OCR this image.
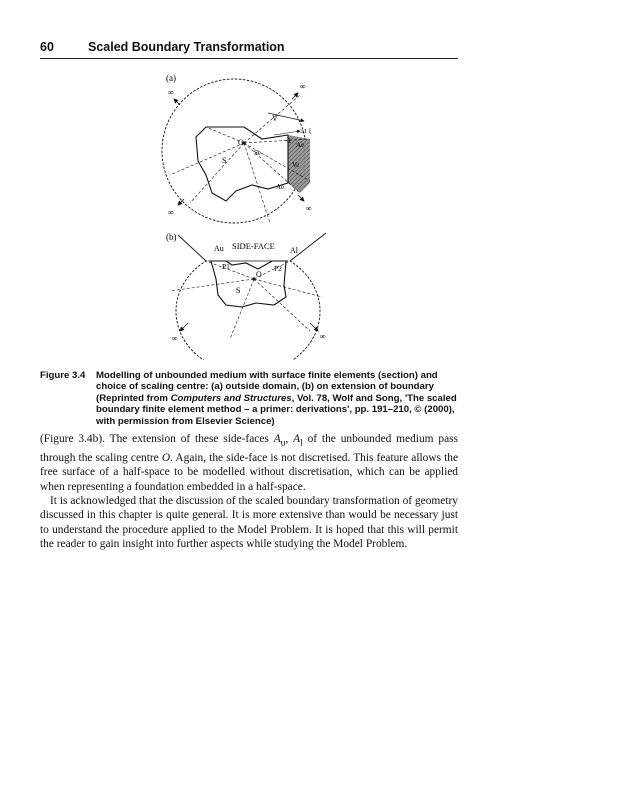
60	Scaled Boundary Transformation
(a)
∞
∞
∞	∞
V
O
S
Se
−1
≥1 ξ
Ae
Ve
Ae
(b)
∞	∞
Au SIDE-FACE Al
P1	P2
O
S
Figure 3.4 Modelling of unbounded medium with surface finite elements (section) and choice of scaling centre: (a) outside domain, (b) on extension of boundary (Reprinted from Computers and Structures, Vol. 78, Wolf and Song, 'The scaled boundary finite element method – a primer: derivations', pp. 191–210, © (2000), with permission from Elsevier Science)

(Figure 3.4b). The extension of these side-faces $A_u$, $A_l$ of the unbounded medium pass through the scaling centre O. Again, the side-face is not discretised. This feature allows the free surface of a half-space to be modelled without discretisation, which can be applied when representing a foundation embedded in a half-space.

It is acknowledged that the discussion of the scaled boundary transformation of geometry discussed in this chapter is quite general. It is more extensive than would be necessary just to understand the procedure applied to the Model Problem. It is hoped that this will permit the reader to gain insight into further aspects while studying the Model Problem.
